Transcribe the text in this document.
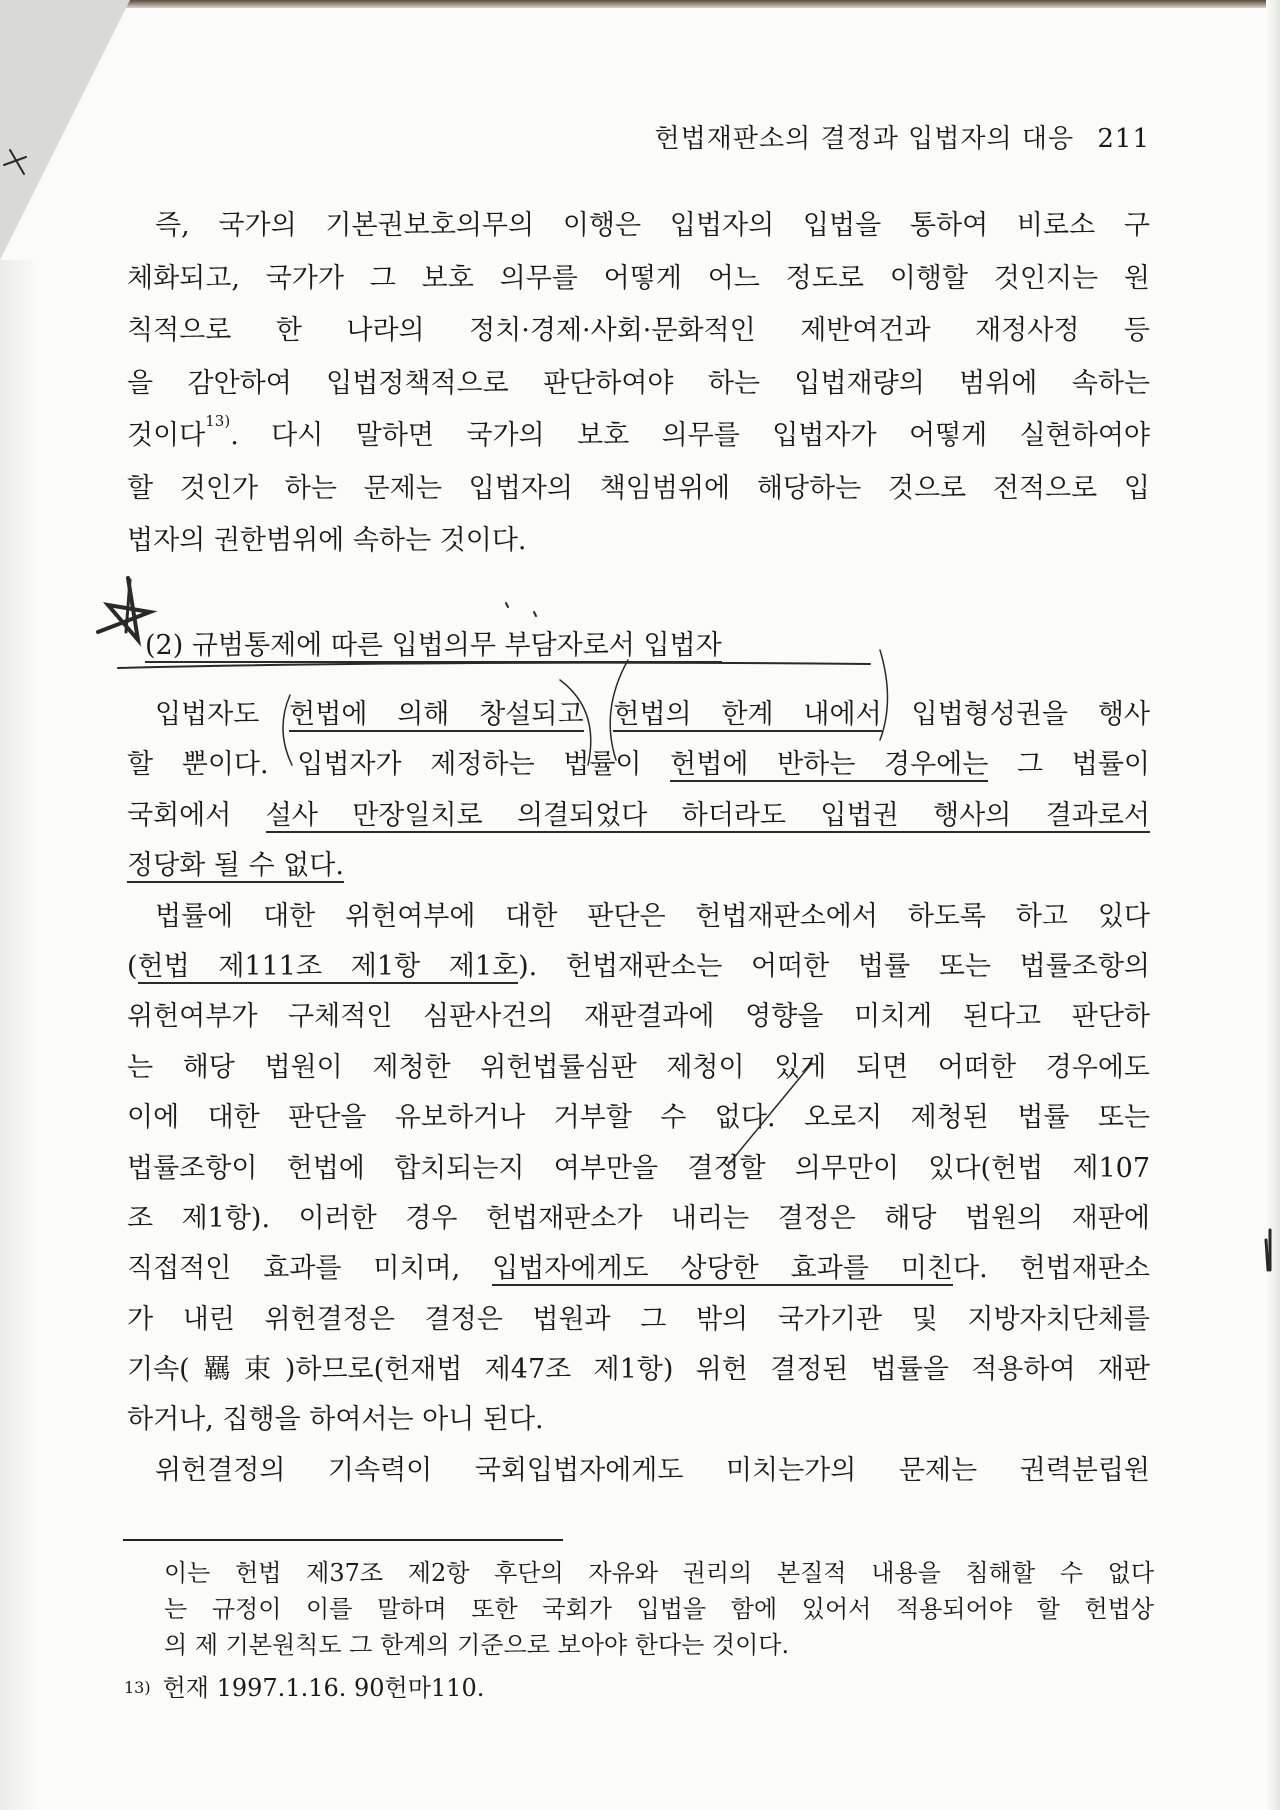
헌법재판소의 결정과 입법자의 대응 211
즉, 국가의 기본권보호의무의 이행은 입법자의 입법을 통하여 비로소 구
체화되고, 국가가 그 보호 의무를 어떻게 어느 정도로 이행할 것인지는 원
칙적으로 한 나라의 정치·경제·사회·문화적인 제반여건과 재정사정 등
을 감안하여 입법정책적으로 판단하여야 하는 입법재량의 범위에 속하는
것이다$^{13)}$. 다시 말하면 국가의 보호 의무를 입법자가 어떻게 실현하여야
할 것인가 하는 문제는 입법자의 책임범위에 해당하는 것으로 전적으로 입
법자의 권한범위에 속하는 것이다.
(2) 규범통제에 따른 입법의무 부담자로서 입법자
입법자도 헌법에 의해 창설되고 헌법의 한계 내에서 입법형성권을 행사
할 뿐이다. 입법자가 제정하는 법률이 헌법에 반하는 경우에는 그 법률이
국회에서 설사 만장일치로 의결되었다 하더라도 입법권 행사의 결과로서
정당화 될 수 없다.
법률에 대한 위헌여부에 대한 판단은 헌법재판소에서 하도록 하고 있다
(헌법 제111조 제1항 제1호). 헌법재판소는 어떠한 법률 또는 법률조항의
위헌여부가 구체적인 심판사건의 재판결과에 영향을 미치게 된다고 판단하
는 해당 법원이 제청한 위헌법률심판 제청이 있게 되면 어떠한 경우에도
이에 대한 판단을 유보하거나 거부할 수 없다. 오로지 제청된 법률 또는
법률조항이 헌법에 합치되는지 여부만을 결정할 의무만이 있다(헌법 제107
조 제1항). 이러한 경우 헌법재판소가 내리는 결정은 해당 법원의 재판에
직접적인 효과를 미치며, 입법자에게도 상당한 효과를 미친다. 헌법재판소
가 내린 위헌결정은 결정은 법원과 그 밖의 국가기관 및 지방자치단체를
기속(羈束)하므로(헌재법 제47조 제1항) 위헌 결정된 법률을 적용하여 재판
하거나, 집행을 하여서는 아니 된다.
위헌결정의 기속력이 국회입법자에게도 미치는가의 문제는 권력분립원
이는 헌법 제37조 제2항 후단의 자유와 권리의 본질적 내용을 침해할 수 없다
는 규정이 이를 말하며 또한 국회가 입법을 함에 있어서 적용되어야 할 헌법상
의 제 기본원칙도 그 한계의 기준으로 보아야 한다는 것이다.
$^{13)}$ 헌재 1997.1.16. 90헌마110.
